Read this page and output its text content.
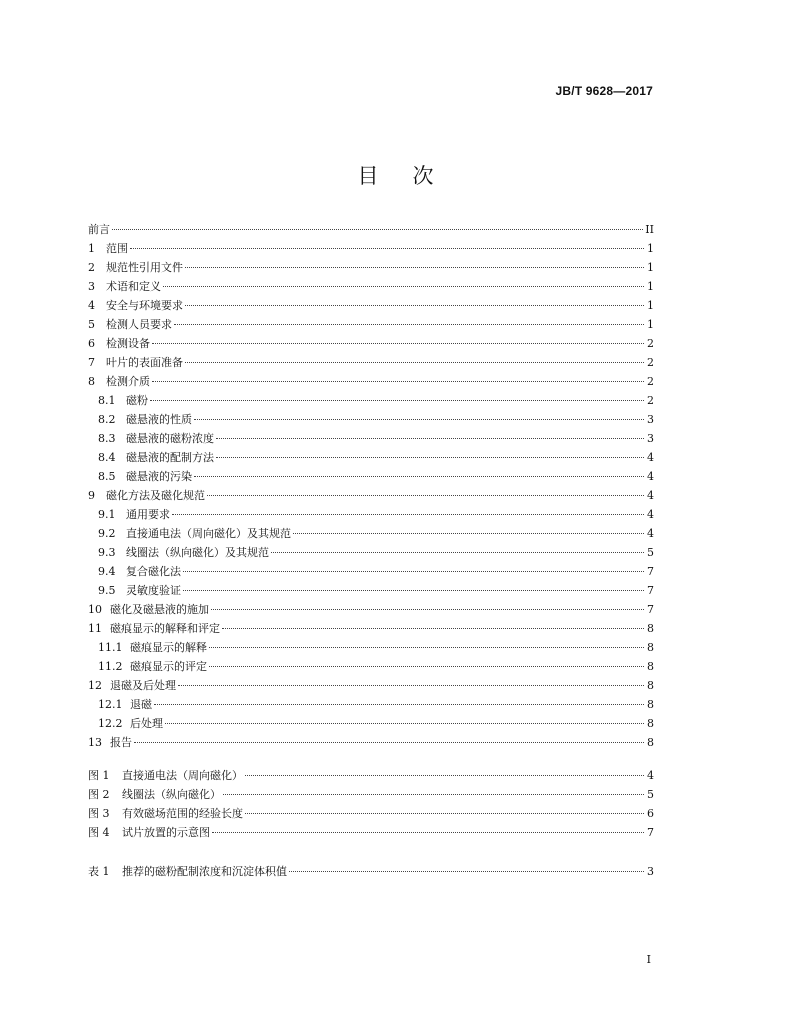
JB/T 9628—2017
目 次
前言	II
1	范围	1
2	规范性引用文件	1
3	术语和定义	1
4	安全与环境要求	1
5	检测人员要求	1
6	检测设备	2
7	叶片的表面准备	2
8	检测介质	2
8.1 磁粉	2
8.2 磁悬液的性质	3
8.3 磁悬液的磁粉浓度	3
8.4 磁悬液的配制方法	4
8.5 磁悬液的污染	4
9	磁化方法及磁化规范	4
9.1 通用要求	4
9.2 直接通电法（周向磁化）及其规范	4
9.3 线圈法（纵向磁化）及其规范	5
9.4 复合磁化法	7
9.5 灵敏度验证	7
10 磁化及磁悬液的施加	7
11 磁痕显示的解释和评定	8
11.1 磁痕显示的解释	8
11.2 磁痕显示的评定	8
12 退磁及后处理	8
12.1 退磁	8
12.2 后处理	8
13 报告	8
图 1	直接通电法（周向磁化）	4
图 2	线圈法（纵向磁化）	5
图 3	有效磁场范围的经验长度	6
图 4	试片放置的示意图	7
表 1	推荐的磁粉配制浓度和沉淀体积值	3
I
